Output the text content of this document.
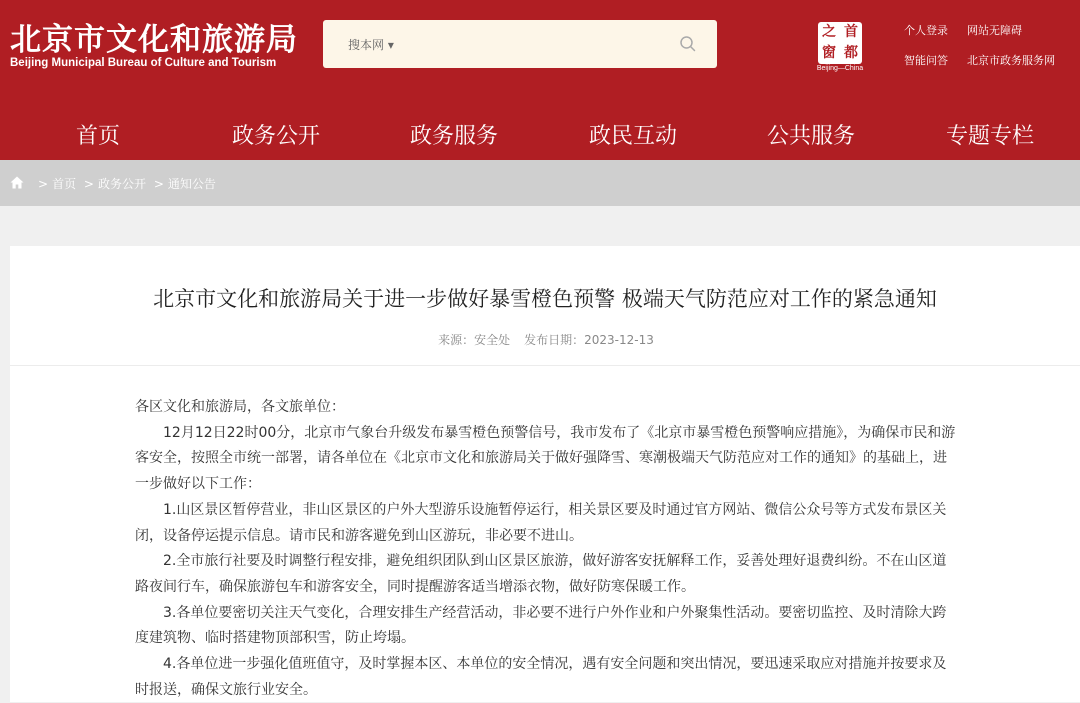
北京市文化和旅游局
Beijing Municipal Bureau of Culture and Tourism
搜本网 ▾
之 首
窗 都
Beijing—China
个人登录 网站无障碍
智能问答 北京市政务服务网
首页	政务公开	政务服务	政民互动	公共服务	专题专栏
> 首页 > 政务公开 > 通知公告
北京市文化和旅游局关于进一步做好暴雪橙色预警 极端天气防范应对工作的紧急通知
来源：安全处 发布日期：2023-12-13

各区文化和旅游局，各文旅单位：

12月12日22时00分，北京市气象台升级发布暴雪橙色预警信号，我市发布了《北京市暴雪橙色预警响应措施》，为确保市民和游客安全，按照全市统一部署，请各单位在《北京市文化和旅游局关于做好强降雪、寒潮极端天气防范应对工作的通知》的基础上，进一步做好以下工作：

1.山区景区暂停营业，非山区景区的户外大型游乐设施暂停运行，相关景区要及时通过官方网站、微信公众号等方式发布景区关闭，设备停运提示信息。请市民和游客避免到山区游玩，非必要不进山。

2.全市旅行社要及时调整行程安排，避免组织团队到山区景区旅游，做好游客安抚解释工作，妥善处理好退费纠纷。不在山区道路夜间行车，确保旅游包车和游客安全，同时提醒游客适当增添衣物，做好防寒保暖工作。

3.各单位要密切关注天气变化，合理安排生产经营活动，非必要不进行户外作业和户外聚集性活动。要密切监控、及时清除大跨度建筑物、临时搭建物顶部积雪，防止垮塌。

4.各单位进一步强化值班值守，及时掌握本区、本单位的安全情况，遇有安全问题和突出情况，要迅速采取应对措施并按要求及时报送，确保文旅行业安全。
